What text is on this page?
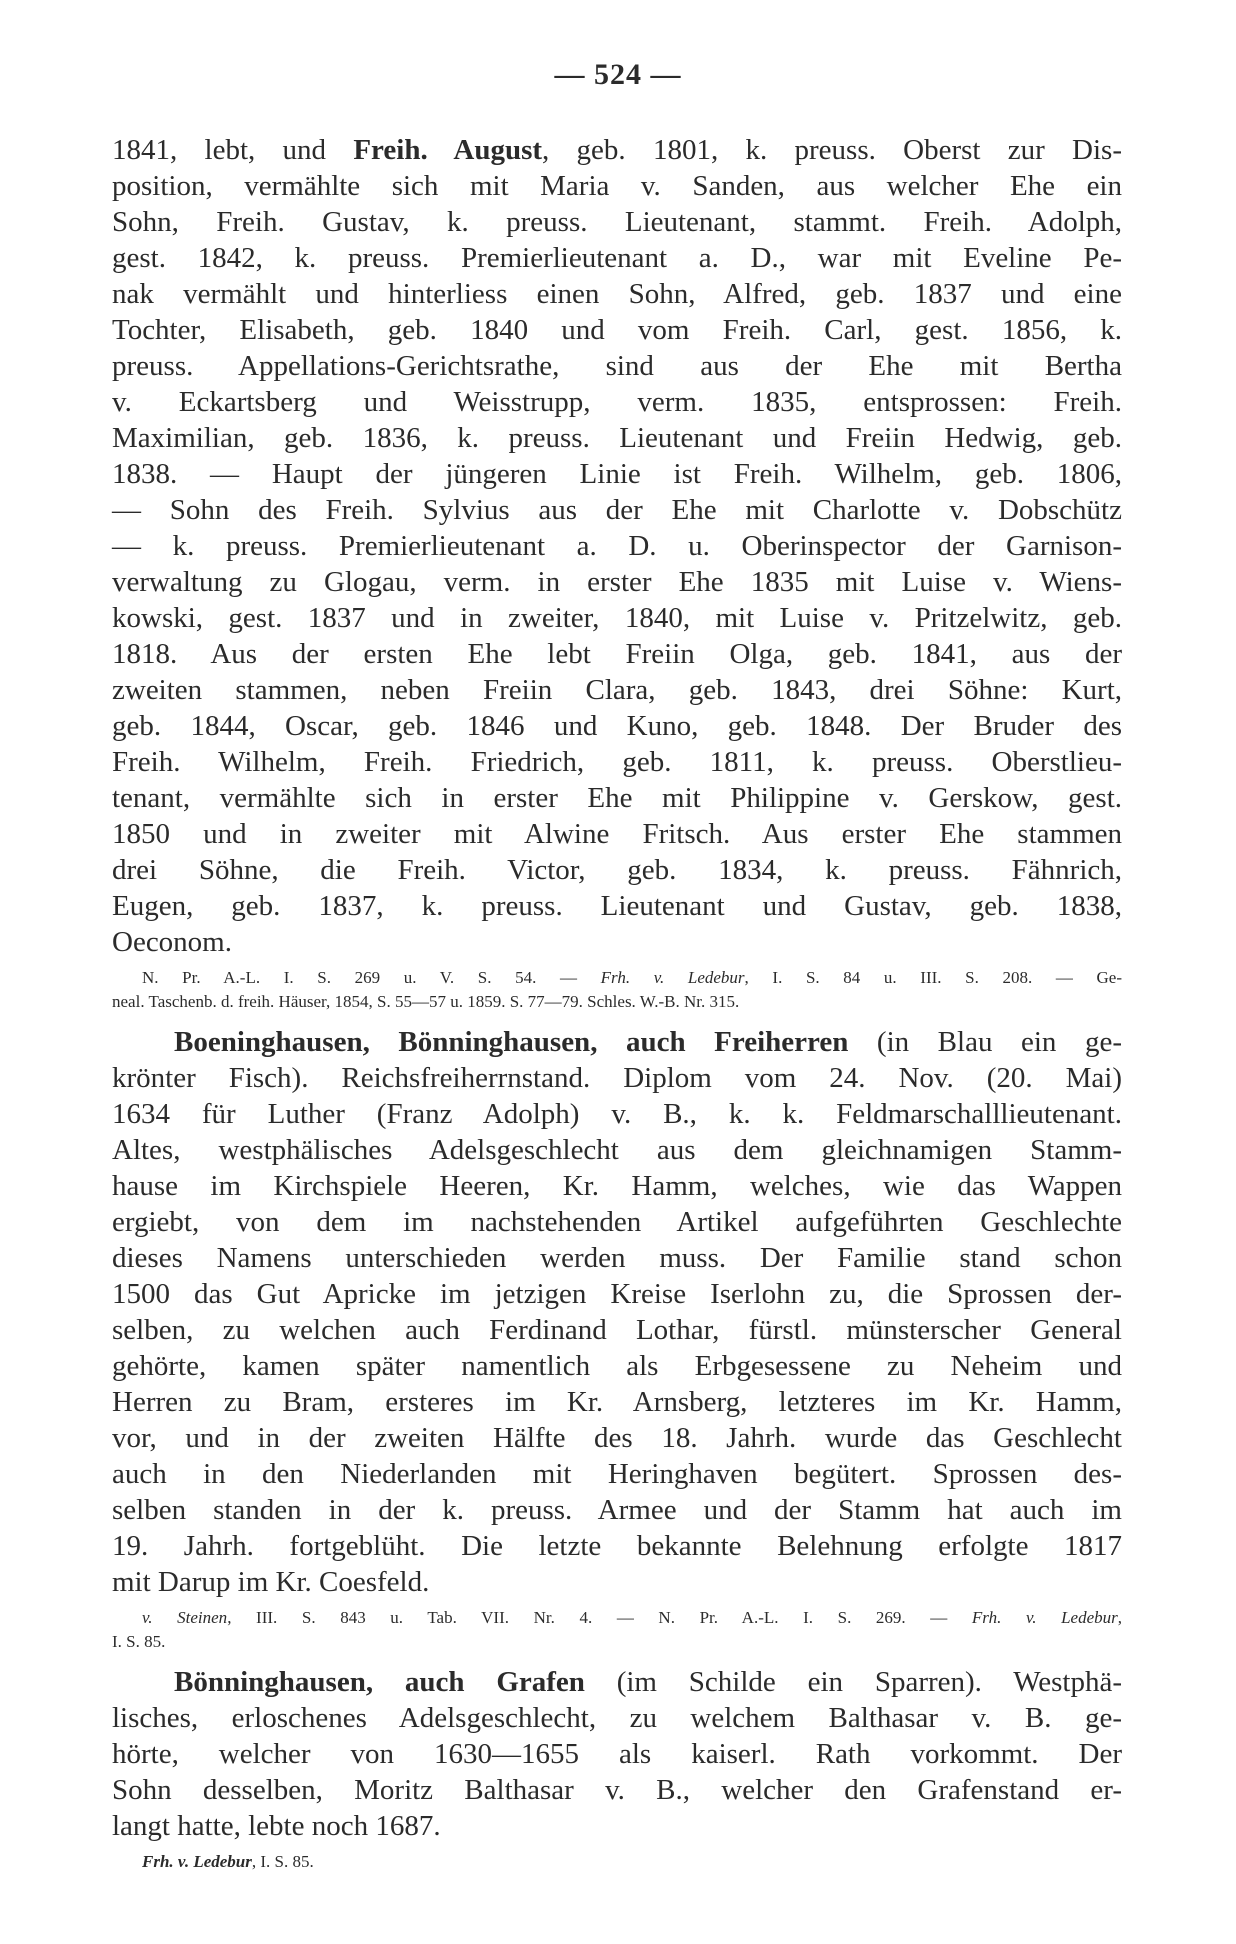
— 524 —
1841, lebt, und Freih. August, geb. 1801, k. preuss. Oberst zur Dis-
position, vermählte sich mit Maria v. Sanden, aus welcher Ehe ein
Sohn, Freih. Gustav, k. preuss. Lieutenant, stammt. Freih. Adolph,
gest. 1842, k. preuss. Premierlieutenant a. D., war mit Eveline Pe-
nak vermählt und hinterliess einen Sohn, Alfred, geb. 1837 und eine
Tochter, Elisabeth, geb. 1840 und vom Freih. Carl, gest. 1856, k.
preuss. Appellations-Gerichtsrathe, sind aus der Ehe mit Bertha
v. Eckartsberg und Weisstrupp, verm. 1835, entsprossen: Freih.
Maximilian, geb. 1836, k. preuss. Lieutenant und Freiin Hedwig, geb.
1838. — Haupt der jüngeren Linie ist Freih. Wilhelm, geb. 1806,
— Sohn des Freih. Sylvius aus der Ehe mit Charlotte v. Dobschütz
— k. preuss. Premierlieutenant a. D. u. Oberinspector der Garnison-
verwaltung zu Glogau, verm. in erster Ehe 1835 mit Luise v. Wiens-
kowski, gest. 1837 und in zweiter, 1840, mit Luise v. Pritzelwitz, geb.
1818. Aus der ersten Ehe lebt Freiin Olga, geb. 1841, aus der
zweiten stammen, neben Freiin Clara, geb. 1843, drei Söhne: Kurt,
geb. 1844, Oscar, geb. 1846 und Kuno, geb. 1848. Der Bruder des
Freih. Wilhelm, Freih. Friedrich, geb. 1811, k. preuss. Oberstlieu-
tenant, vermählte sich in erster Ehe mit Philippine v. Gerskow, gest.
1850 und in zweiter mit Alwine Fritsch. Aus erster Ehe stammen
drei Söhne, die Freih. Victor, geb. 1834, k. preuss. Fähnrich,
Eugen, geb. 1837, k. preuss. Lieutenant und Gustav, geb. 1838,
Oeconom.
N. Pr. A.-L. I. S. 269 u. V. S. 54. — Frh. v. Ledebur, I. S. 84 u. III. S. 208. — Ge-
neal. Taschenb. d. freih. Häuser, 1854, S. 55—57 u. 1859. S. 77—79. Schles. W.-B. Nr. 315.
Boeninghausen, Bönninghausen, auch Freiherren (in Blau ein ge-
krönter Fisch). Reichsfreiherrnstand. Diplom vom 24. Nov. (20. Mai)
1634 für Luther (Franz Adolph) v. B., k. k. Feldmarschalllieutenant.
Altes, westphälisches Adelsgeschlecht aus dem gleichnamigen Stamm-
hause im Kirchspiele Heeren, Kr. Hamm, welches, wie das Wappen
ergiebt, von dem im nachstehenden Artikel aufgeführten Geschlechte
dieses Namens unterschieden werden muss. Der Familie stand schon
1500 das Gut Apricke im jetzigen Kreise Iserlohn zu, die Sprossen der-
selben, zu welchen auch Ferdinand Lothar, fürstl. münsterscher General
gehörte, kamen später namentlich als Erbgesessene zu Neheim und
Herren zu Bram, ersteres im Kr. Arnsberg, letzteres im Kr. Hamm,
vor, und in der zweiten Hälfte des 18. Jahrh. wurde das Geschlecht
auch in den Niederlanden mit Heringhaven begütert. Sprossen des-
selben standen in der k. preuss. Armee und der Stamm hat auch im
19. Jahrh. fortgeblüht. Die letzte bekannte Belehnung erfolgte 1817
mit Darup im Kr. Coesfeld.
v. Steinen, III. S. 843 u. Tab. VII. Nr. 4. — N. Pr. A.-L. I. S. 269. — Frh. v. Ledebur,
I. S. 85.
Bönninghausen, auch Grafen (im Schilde ein Sparren). Westphä-
lisches, erloschenes Adelsgeschlecht, zu welchem Balthasar v. B. ge-
hörte, welcher von 1630—1655 als kaiserl. Rath vorkommt. Der
Sohn desselben, Moritz Balthasar v. B., welcher den Grafenstand er-
langt hatte, lebte noch 1687.
Frh. v. Ledebur, I. S. 85.
